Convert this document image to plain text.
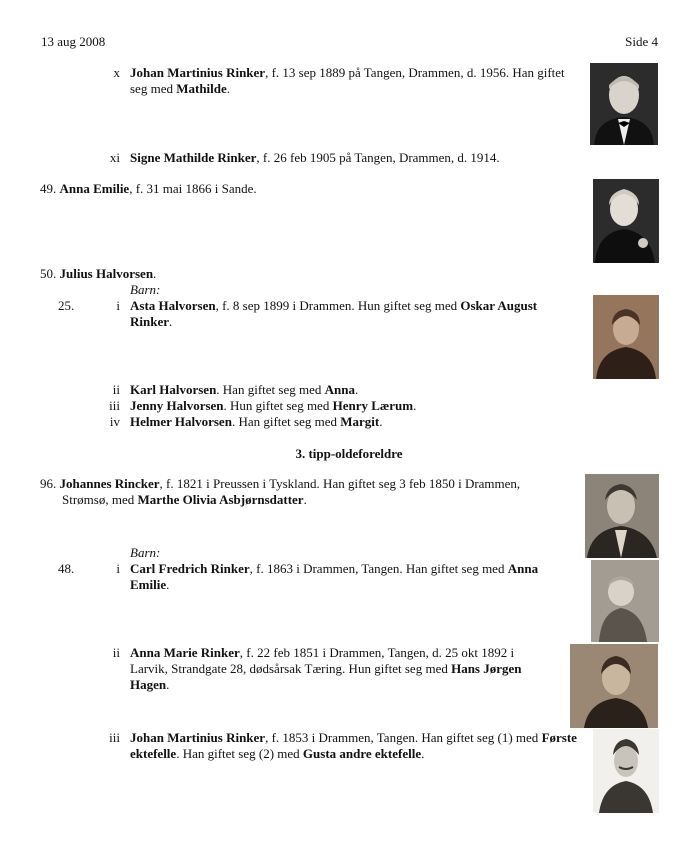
13 aug 2008	Side 4
x Johan Martinius Rinker, f. 13 sep 1889 på Tangen, Drammen, d. 1956. Han giftet
seg med Mathilde.
xi Signe Mathilde Rinker, f. 26 feb 1905 på Tangen, Drammen, d. 1914.
49. Anna Emilie, f. 31 mai 1866 i Sande.
50. Julius Halvorsen.
Barn:
25.	i Asta Halvorsen, f. 8 sep 1899 i Drammen. Hun giftet seg med Oskar August
Rinker.
ii Karl Halvorsen. Han giftet seg med Anna.
iii Jenny Halvorsen. Hun giftet seg med Henry Lærum.
iv Helmer Halvorsen. Han giftet seg med Margit.
3. tipp-oldeforeldre
96. Johannes Rincker, f. 1821 i Preussen i Tyskland. Han giftet seg 3 feb 1850 i Drammen,
Strømsø, med Marthe Olivia Asbjørnsdatter.
Barn:
48.	i Carl Fredrich Rinker, f. 1863 i Drammen, Tangen. Han giftet seg med Anna
Emilie.
ii Anna Marie Rinker, f. 22 feb 1851 i Drammen, Tangen, d. 25 okt 1892 i
Larvik, Strandgate 28, dødsårsak Tæring. Hun giftet seg med Hans Jørgen
Hagen.
iii Johan Martinius Rinker, f. 1853 i Drammen, Tangen. Han giftet seg (1) med Første
ektefelle. Han giftet seg (2) med Gusta andre ektefelle.
